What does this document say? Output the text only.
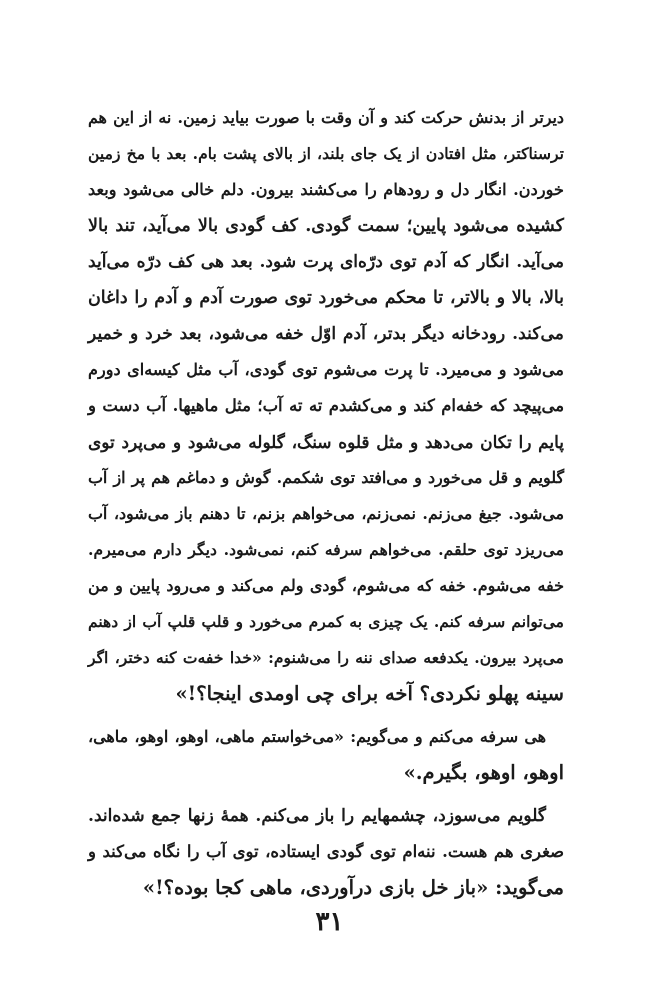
دیرتر از بدنش حرکت کند و آن وقت با صورت بیاید زمین. نه از این هم
ترسناکتر، مثل افتادن از یک جای بلند، از بالای پشت بام. بعد با مخ زمین
خوردن. انگار دل و رودهام را می‌کشند بیرون. دلم خالی می‌شود وبعد
کشیده می‌شود پایین؛ سمت گودی. کف گودی بالا می‌آید، تند بالا
می‌آید. انگار که آدم توی درّه‌ای پرت شود. بعد هی کف درّه می‌آید
بالا، بالا و بالاتر، تا محکم می‌خورد توی صورت آدم و آدم را داغان
می‌کند. رودخانه دیگر بدتر، آدم اوّل خفه می‌شود، بعد خرد و خمیر
می‌شود و می‌میرد. تا پرت می‌شوم توی گودی، آب مثل کیسه‌ای دورم
می‌پیچد که خفه‌ام کند و می‌کشدم ته ته آب؛ مثل ماهیها. آب دست و
پایم را تکان می‌دهد و مثل قلوه سنگ، گلوله می‌شود و می‌پرد توی
گلویم و قل می‌خورد و می‌افتد توی شکمم. گوش و دماغم هم پر از آب
می‌شود. جیغ می‌زنم. نمی‌زنم، می‌خواهم بزنم، تا دهنم باز می‌شود، آب
می‌ریزد توی حلقم. می‌خواهم سرفه کنم، نمی‌شود. دیگر دارم می‌میرم.
خفه می‌شوم. خفه که می‌شوم، گودی ولم می‌کند و می‌رود پایین و من
می‌توانم سرفه کنم. یک چیزی به کمرم می‌خورد و قلپ قلپ آب از دهنم
می‌پرد بیرون. یکدفعه صدای ننه را می‌شنوم: «خدا خفه‌ت کنه دختر، اگر
سینه پهلو نکردی؟ آخه برای چی اومدی اینجا؟!»
هی سرفه می‌کنم و می‌گویم: «می‌خواستم ماهی، اوهو، اوهو، ماهی،
اوهو، اوهو، بگیرم.»
گلویم می‌سوزد، چشمهایم را باز می‌کنم. همهٔ زنها جمع شده‌اند.
صغری هم هست. ننه‌ام توی گودی ایستاده، توی آب را نگاه می‌کند و
می‌گوید: «باز خل بازی درآوردی، ماهی کجا بوده؟!»
۳۱
